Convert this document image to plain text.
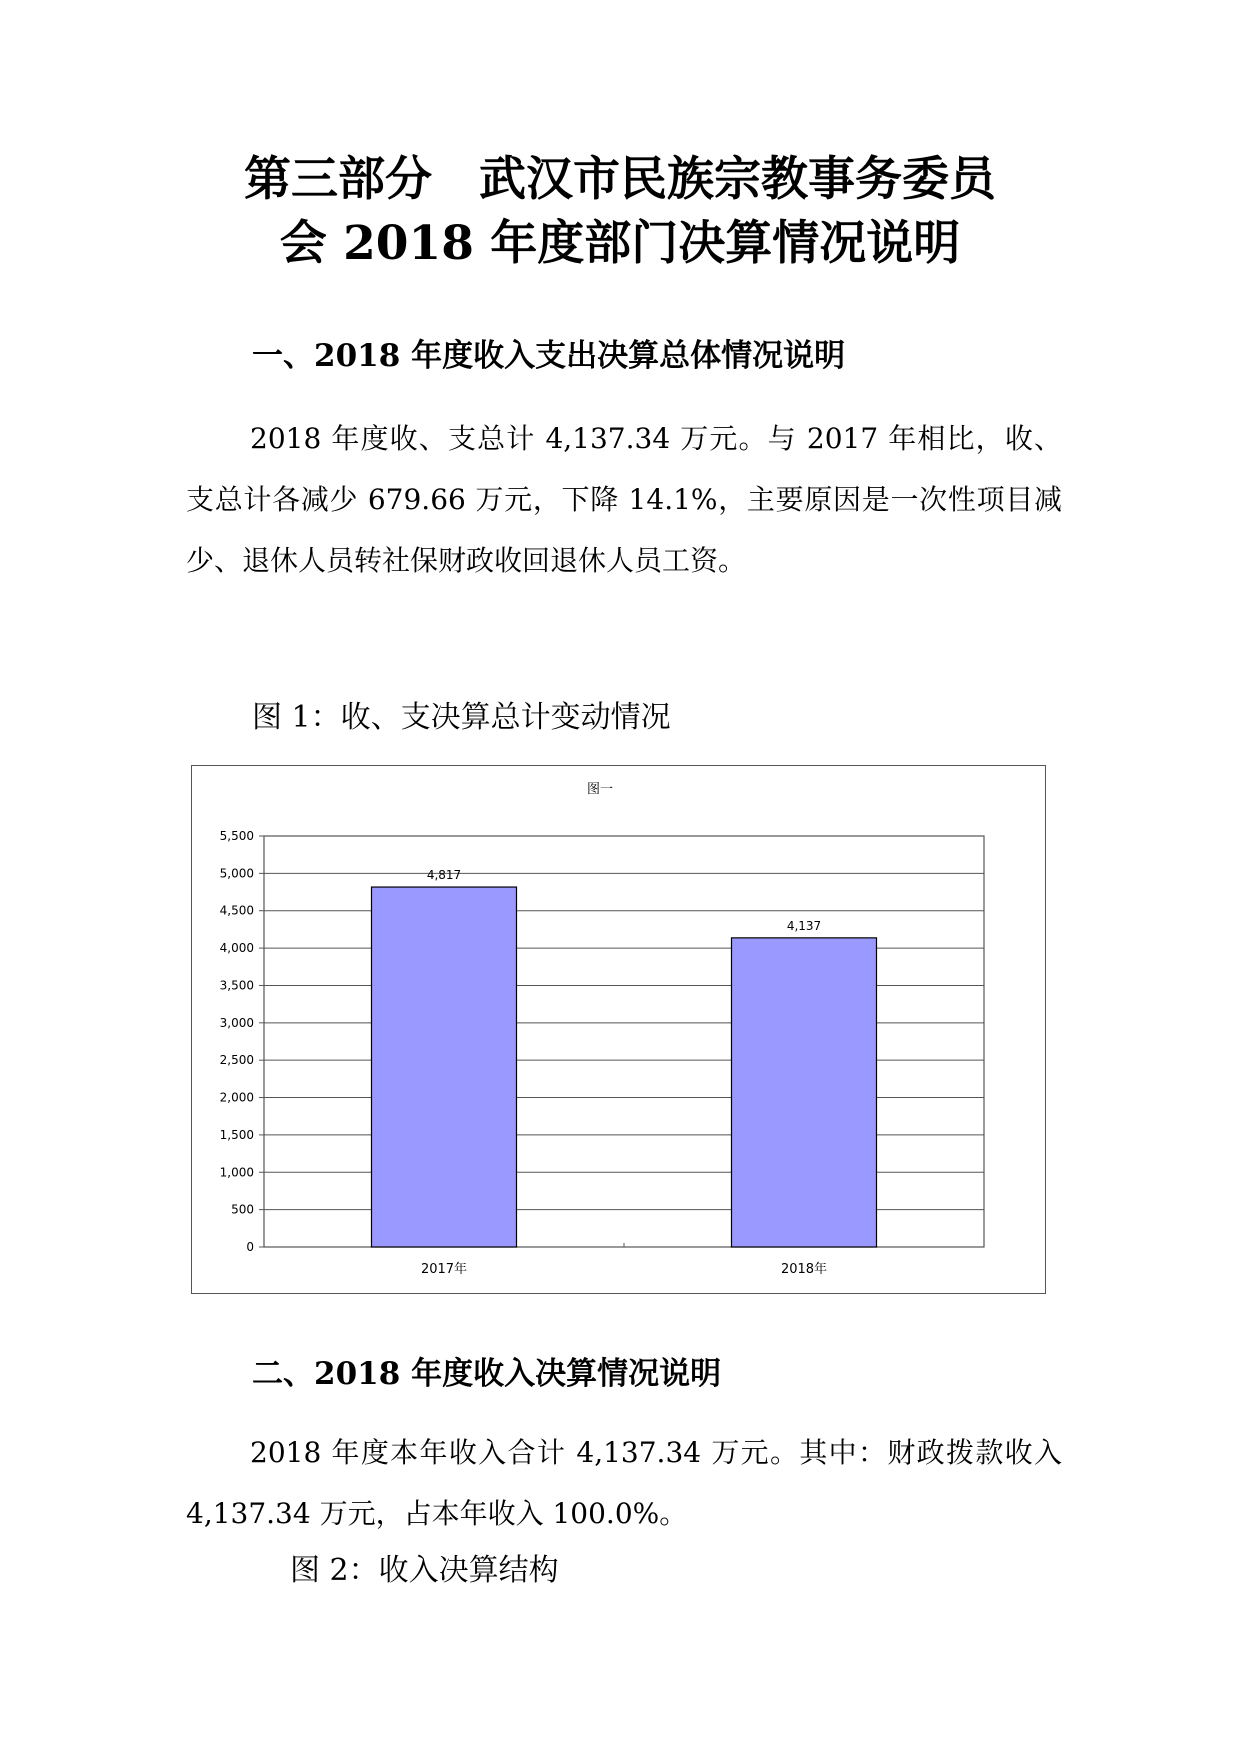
第三部分　武汉市民族宗教事务委员
会 2018 年度部门决算情况说明
一、2018 年度收入支出决算总体情况说明

2018 年度收、支总计 4,137.34 万元。与 2017 年相比，收、支总计各减少 679.66 万元，下降 14.1%，主要原因是一次性项目减少、退休人员转社保财政收回退休人员工资。

图 1：收、支决算总计变动情况

图一
0
500
1,000
1,500
2,000
2,500
3,000
3,500
4,000
4,500
5,000
5,500
4,817
2017年
4,137
2018年
二、2018 年度收入决算情况说明

2018 年度本年收入合计 4,137.34 万元。其中：财政拨款收入 4,137.34 万元，占本年收入 100.0%。

图 2：收入决算结构
